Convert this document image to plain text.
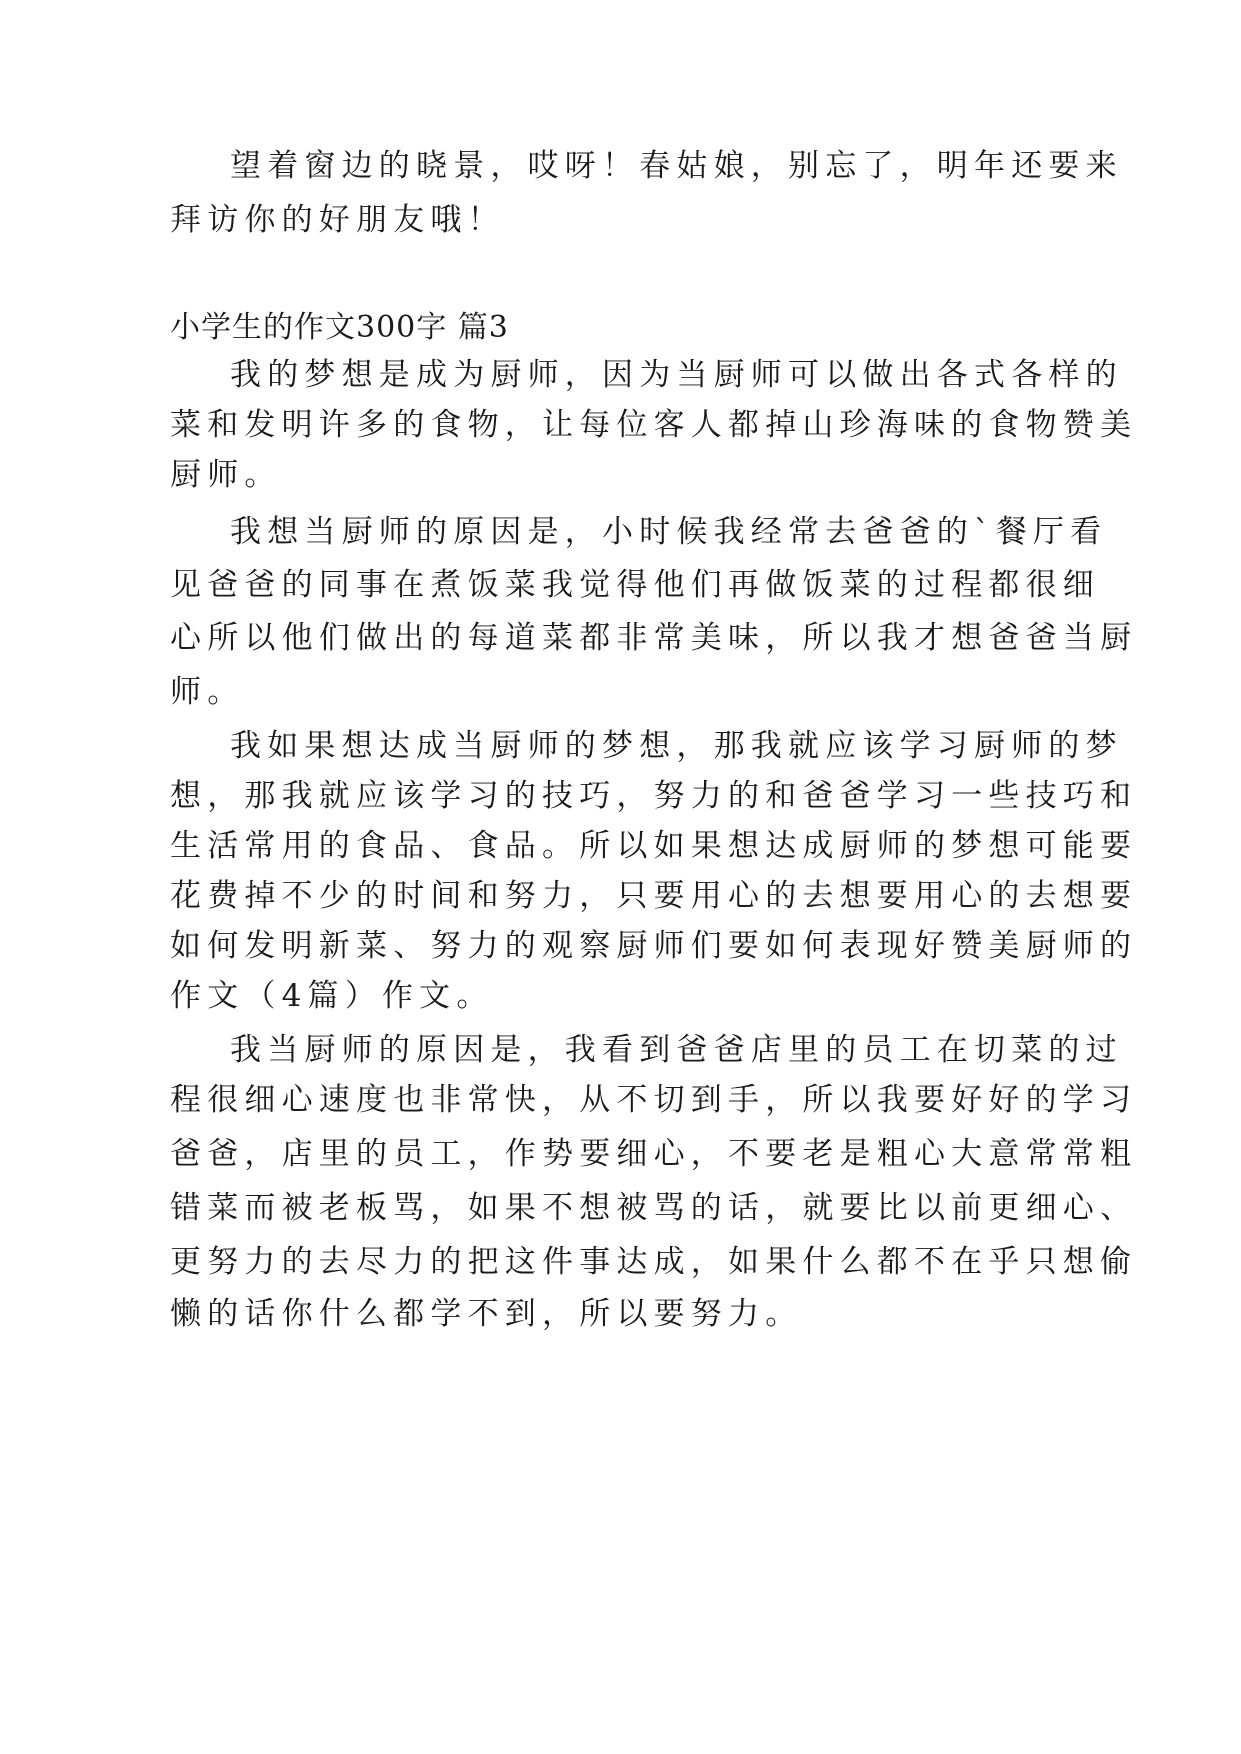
望着窗边的晓景，哎呀！春姑娘，别忘了，明年还要来

拜访你的好朋友哦！

小学生的作文300字 篇3

我的梦想是成为厨师，因为当厨师可以做出各式各样的

菜和发明许多的食物，让每位客人都掉山珍海味的食物赞美

厨师。

我想当厨师的原因是，小时候我经常去爸爸的`餐厅看

见爸爸的同事在煮饭菜我觉得他们再做饭菜的过程都很细

心所以他们做出的每道菜都非常美味，所以我才想爸爸当厨

师。

我如果想达成当厨师的梦想，那我就应该学习厨师的梦

想，那我就应该学习的技巧，努力的和爸爸学习一些技巧和

生活常用的食品、食品。所以如果想达成厨师的梦想可能要

花费掉不少的时间和努力，只要用心的去想要用心的去想要

如何发明新菜、努力的观察厨师们要如何表现好赞美厨师的

作文（4篇）作文。

我当厨师的原因是，我看到爸爸店里的员工在切菜的过

程很细心速度也非常快，从不切到手，所以我要好好的学习

爸爸，店里的员工，作势要细心，不要老是粗心大意常常粗

错菜而被老板骂，如果不想被骂的话，就要比以前更细心、

更努力的去尽力的把这件事达成，如果什么都不在乎只想偷

懒的话你什么都学不到，所以要努力。
